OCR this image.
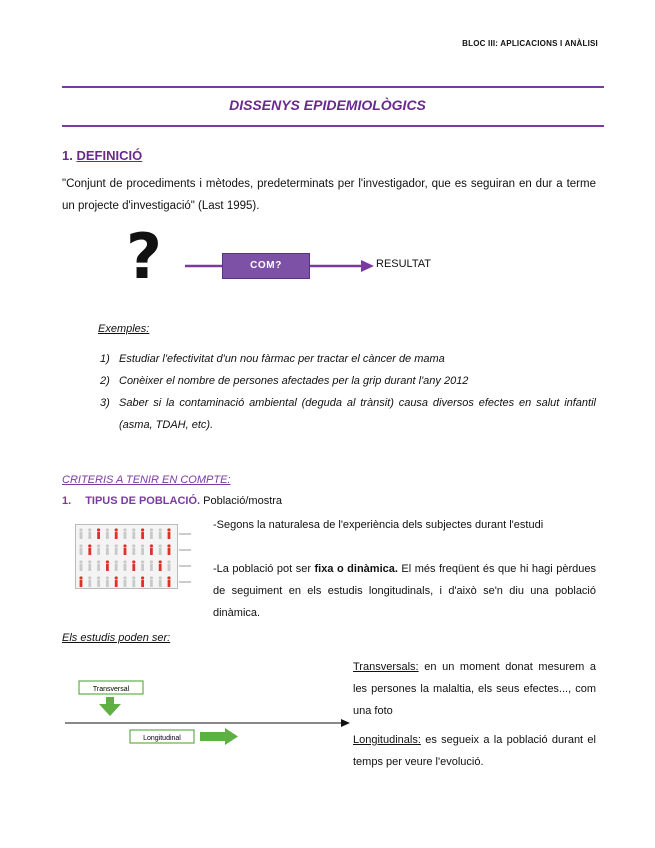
BLOC III: APLICACIONS I ANÀLISI
DISSENYS EPIDEMIOLÒGICS
1. DEFINICIÓ
"Conjunt de procediments i mètodes, predeterminats per l'investigador, que es seguiran en dur a terme un projecte d'investigació" (Last 1995).
?	COM?	RESULTAT
Exemples:
1) Estudiar l'efectivitat d'un nou fàrmac per tractar el càncer de mama
2) Conèixer el nombre de persones afectades per la grip durant l'any 2012
3) Saber si la contaminació ambiental (deguda al trànsit) causa diversos efectes en salut infantil (asma, TDAH, etc).
CRITERIS A TENIR EN COMPTE:
1. TIPUS DE POBLACIÓ. Població/mostra
-Segons la naturalesa de l'experiència dels subjectes durant l'estudi
-La població pot ser fixa o dinàmica. El més freqüent és que hi hagi pèrdues de seguiment en els estudis longitudinals, i d'això se'n diu una població dinàmica.
Els estudis poden ser:
Transversal
Longitudinal
Transversals: en un moment donat mesurem a les persones la malaltia, els seus efectes..., com una foto
Longitudinals: es segueix a la població durant el temps per veure l'evolució.
